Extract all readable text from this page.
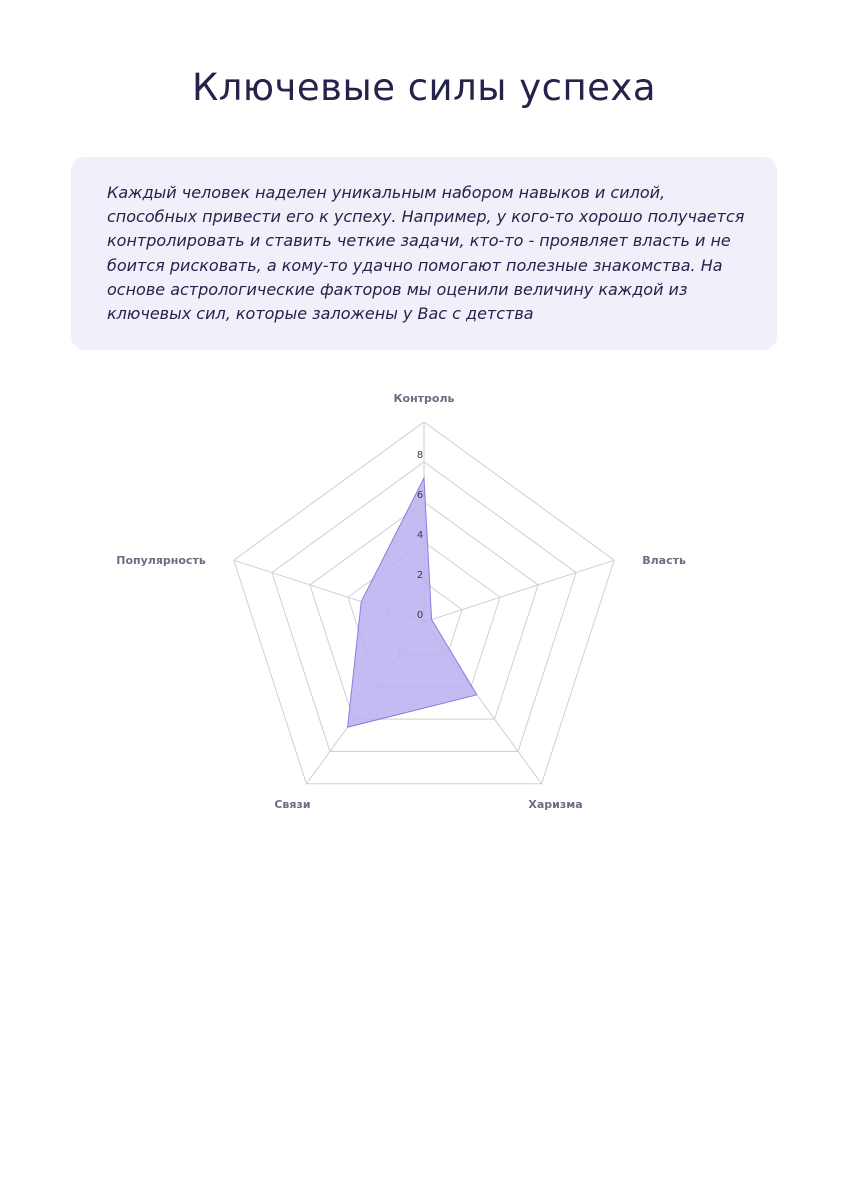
Ключевые силы успеха

Каждый человек наделен уникальным набором навыков и силой, способных привести его к успеху. Например, у кого-то хорошо получается контролировать и ставить четкие задачи, кто-то - проявляет власть и не боится рисковать, а кому-то удачно помогают полезные знакомства. На основе астрологические факторов мы оценили величину каждой из ключевых сил, которые заложены у Вас с детства

0
2
4
6
8
Контроль
Власть
Харизма
Связи
Популярность
